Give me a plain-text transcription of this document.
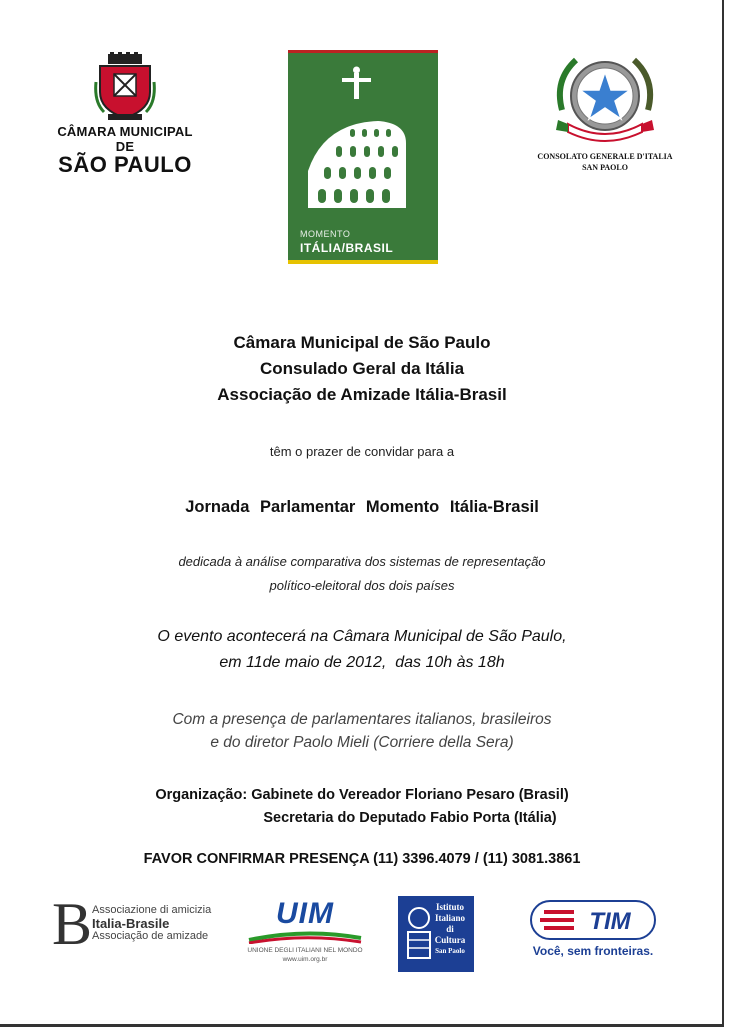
CÂMARA MUNICIPAL DE
SÃO PAULO
MOMENTO
ITÁLIA/BRASIL
CONSOLATO GENERALE D'ITALIA
SAN PAOLO
Câmara Municipal de São Paulo
Consulado Geral da Itália
Associação de Amizade Itália-Brasil
têm o prazer de convidar para a
Jornada Parlamentar Momento Itália-Brasil
dedicada à análise comparativa dos sistemas de representação
político-eleitoral dos dois países
O evento acontecerá na Câmara Municipal de São Paulo,
em 11de maio de 2012,  das 10h às 18h
Com a presença de parlamentares italianos, brasileiros
e do diretor Paolo Mieli (Corriere della Sera)
Organização: Gabinete do Vereador Floriano Pesaro (Brasil)
Secretaria do Deputado Fabio Porta (Itália)
FAVOR CONFIRMAR PRESENÇA (11) 3396.4079 / (11) 3081.3861
B Associazione di amicizia
Italia-Brasile
Associação de amizade
UIM
UNIONE DEGLI ITALIANI NEL MONDO
www.uim.org.br
Istituto
Italiano
di
Cultura
San Paolo
TIM
Você, sem fronteiras.
